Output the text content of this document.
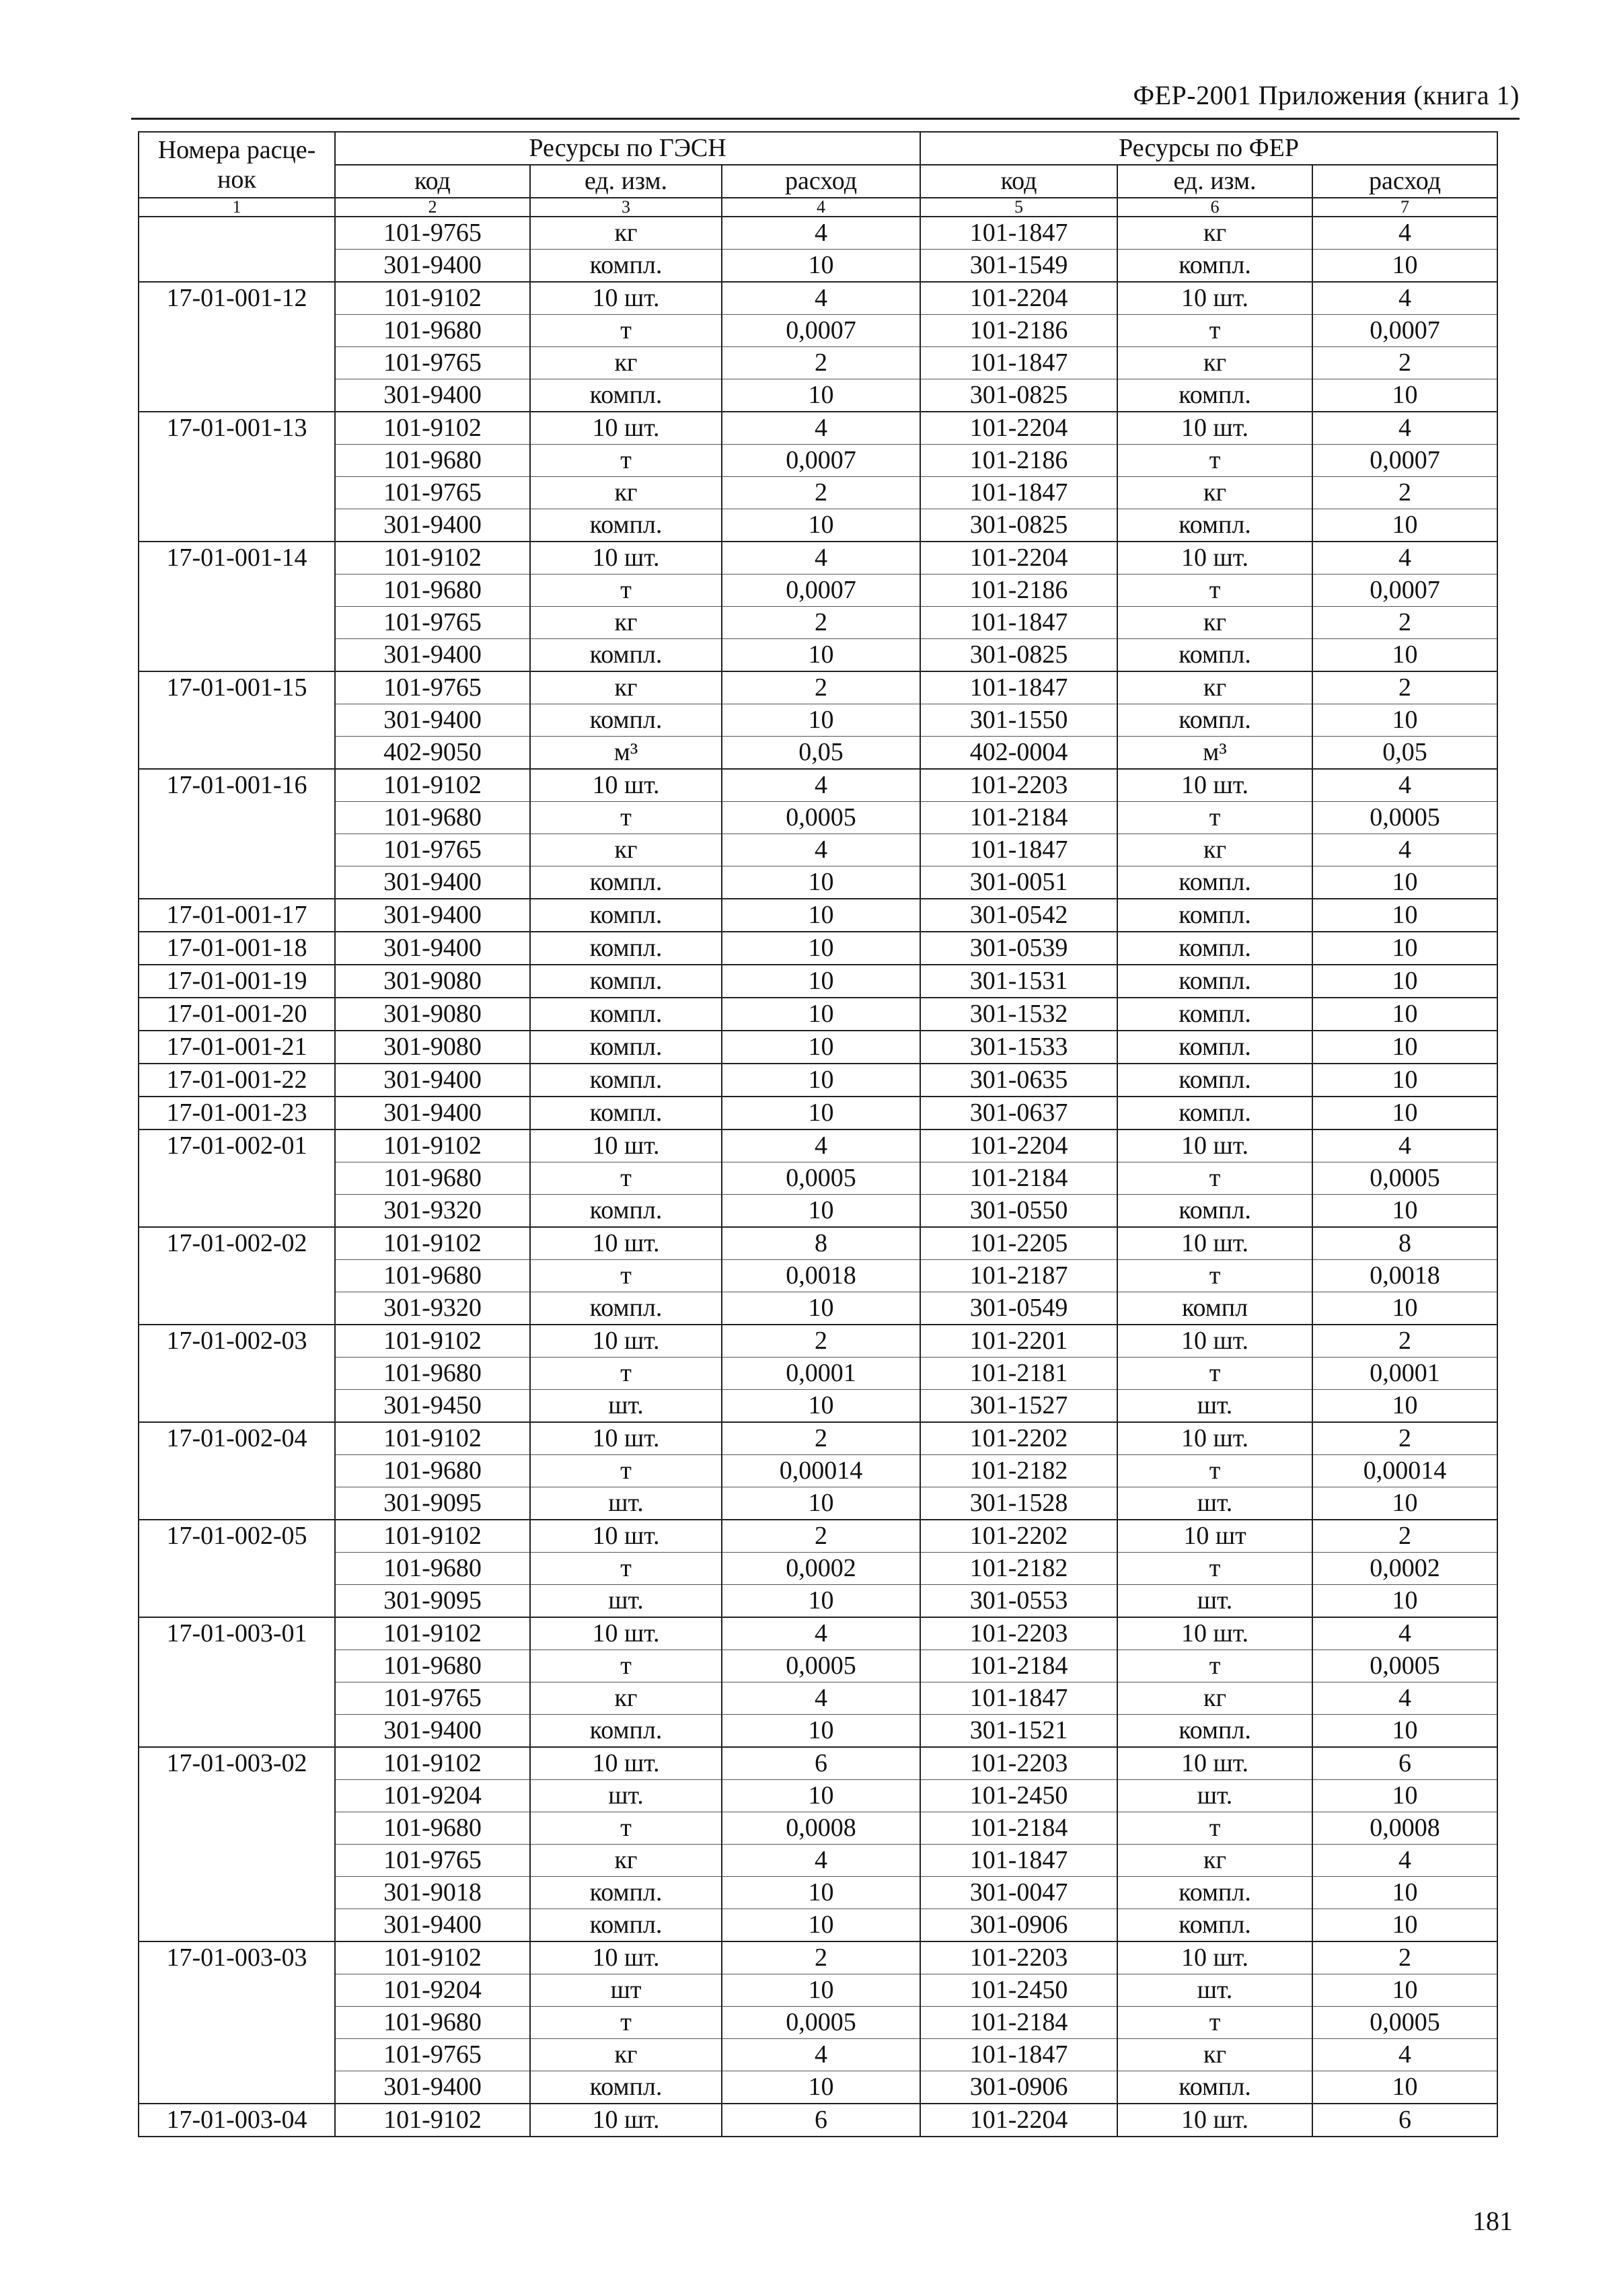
ФЕР-2001 Приложения (книга 1)
Номера расце-
нок	Ресурсы по ГЭСН			Ресурсы по ФЕР		
	код	ед. изм.	расход	код	ед. изм.	расход
1	2	3	4	5	6	7
	101-9765	кг	4	101-1847	кг	4
	301-9400	компл.	10	301-1549	компл.	10
17-01-001-12	101-9102	10 шт.	4	101-2204	10 шт.	4
	101-9680	т	0,0007	101-2186	т	0,0007
	101-9765	кг	2	101-1847	кг	2
	301-9400	компл.	10	301-0825	компл.	10
17-01-001-13	101-9102	10 шт.	4	101-2204	10 шт.	4
	101-9680	т	0,0007	101-2186	т	0,0007
	101-9765	кг	2	101-1847	кг	2
	301-9400	компл.	10	301-0825	компл.	10
17-01-001-14	101-9102	10 шт.	4	101-2204	10 шт.	4
	101-9680	т	0,0007	101-2186	т	0,0007
	101-9765	кг	2	101-1847	кг	2
	301-9400	компл.	10	301-0825	компл.	10
17-01-001-15	101-9765	кг	2	101-1847	кг	2
	301-9400	компл.	10	301-1550	компл.	10
	402-9050	м³	0,05	402-0004	м³	0,05
17-01-001-16	101-9102	10 шт.	4	101-2203	10 шт.	4
	101-9680	т	0,0005	101-2184	т	0,0005
	101-9765	кг	4	101-1847	кг	4
	301-9400	компл.	10	301-0051	компл.	10
17-01-001-17	301-9400	компл.	10	301-0542	компл.	10
17-01-001-18	301-9400	компл.	10	301-0539	компл.	10
17-01-001-19	301-9080	компл.	10	301-1531	компл.	10
17-01-001-20	301-9080	компл.	10	301-1532	компл.	10
17-01-001-21	301-9080	компл.	10	301-1533	компл.	10
17-01-001-22	301-9400	компл.	10	301-0635	компл.	10
17-01-001-23	301-9400	компл.	10	301-0637	компл.	10
17-01-002-01	101-9102	10 шт.	4	101-2204	10 шт.	4
	101-9680	т	0,0005	101-2184	т	0,0005
	301-9320	компл.	10	301-0550	компл.	10
17-01-002-02	101-9102	10 шт.	8	101-2205	10 шт.	8
	101-9680	т	0,0018	101-2187	т	0,0018
	301-9320	компл.	10	301-0549	компл	10
17-01-002-03	101-9102	10 шт.	2	101-2201	10 шт.	2
	101-9680	т	0,0001	101-2181	т	0,0001
	301-9450	шт.	10	301-1527	шт.	10
17-01-002-04	101-9102	10 шт.	2	101-2202	10 шт.	2
	101-9680	т	0,00014	101-2182	т	0,00014
	301-9095	шт.	10	301-1528	шт.	10
17-01-002-05	101-9102	10 шт.	2	101-2202	10 шт	2
	101-9680	т	0,0002	101-2182	т	0,0002
	301-9095	шт.	10	301-0553	шт.	10
17-01-003-01	101-9102	10 шт.	4	101-2203	10 шт.	4
	101-9680	т	0,0005	101-2184	т	0,0005
	101-9765	кг	4	101-1847	кг	4
	301-9400	компл.	10	301-1521	компл.	10
17-01-003-02	101-9102	10 шт.	6	101-2203	10 шт.	6
	101-9204	шт.	10	101-2450	шт.	10
	101-9680	т	0,0008	101-2184	т	0,0008
	101-9765	кг	4	101-1847	кг	4
	301-9018	компл.	10	301-0047	компл.	10
	301-9400	компл.	10	301-0906	компл.	10
17-01-003-03	101-9102	10 шт.	2	101-2203	10 шт.	2
	101-9204	шт	10	101-2450	шт.	10
	101-9680	т	0,0005	101-2184	т	0,0005
	101-9765	кг	4	101-1847	кг	4
	301-9400	компл.	10	301-0906	компл.	10
17-01-003-04	101-9102	10 шт.	6	101-2204	10 шт.	6
181
